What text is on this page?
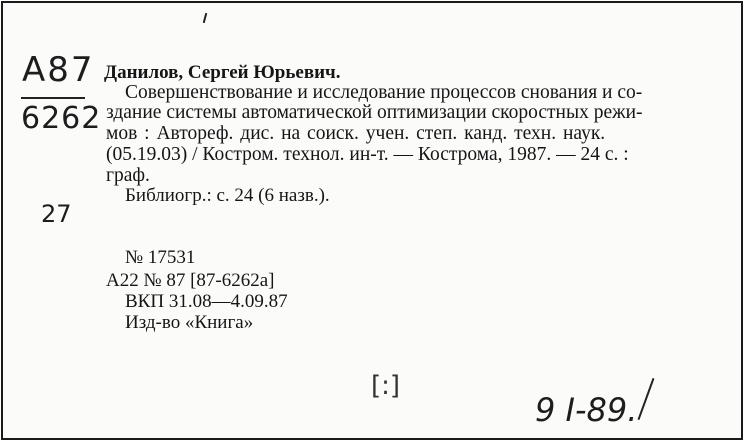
A87
6262
Данилов, Сергей Юрьевич.
Совершенствование и исследование процессов снования и со-
здание системы автоматической оптимизации скоростных режи-
мов : Автореф. дис. на соиск. учен. степ. канд. техн. наук.
(05.19.03) / Костром. технол. ин-т. — Кострома, 1987. — 24 с. :
граф.
Библиогр.: с. 24 (6 назв.).
27
№ 17531
А22 № 87 [87-6262а]
ВКП 31.08—4.09.87
Изд-во «Книга»
[:]
9 I-89.
